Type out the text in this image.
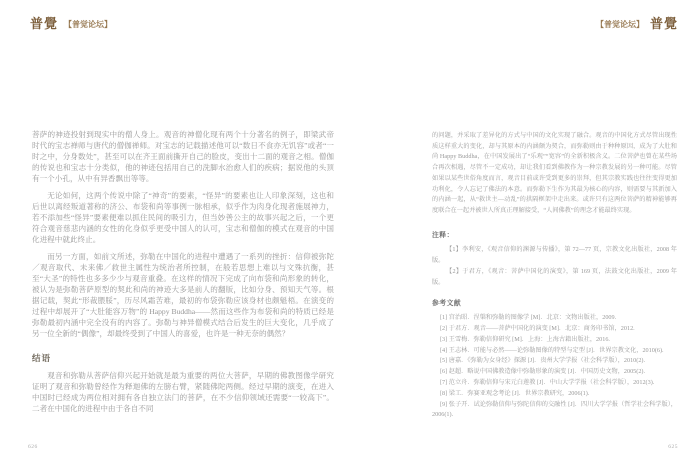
普覺 【普觉论坛】

菩萨的神迹投射到现实中的僧人身上。观音的神僧化现有两个十分著名的例子，即梁武帝时代的宝志禅师与唐代的僧伽禅师。对宝志的记载描述他可以“数日不食亦无饥容”或者“一时之中，分身数处”，甚至可以在齐王面前撕开自己的脸皮，变出十二面的观音之相。僧伽的传说也和宝志十分类似，他的神迹包括用自己的洗脚水治愈人们的疾病；据说他的头顶有一个小孔，从中有异香飘出等等。

无论如何，这两个传说中除了“神奇”的要素，“怪异”的要素也让人印象深刻，这也和后世以离经叛道著称的济公、布袋和尚等事例一脉相承，似乎作为肉身化现者施展神力，若不添加些“怪异”要素便难以抓住民间的吸引力，但当妙善公主的故事兴起之后，一个更符合观音慈悲内涵的女性的化身似乎更受中国人的认可，宝志和僧伽的模式在观音的中国化进程中就此终止。

而另一方面，如前文所述，弥勒在中国化的进程中遭遇了一系列的挫折：信仰被弥陀／观音取代、未来佛／救世主属性为统治者所控制，在般若思想上难以与文殊抗衡，甚至“大圣”的特性也多多少少与观音重叠。在这样的情况下完成了向布袋和尚形象的转化，被认为是弥勒菩萨原型的契此和尚的神迹大多是前人的翻版，比如分身、预知天气等。根据记载，契此“形裁腲脮”，历尽风霜苦难，最初的布袋弥勒应该身材也颇魁梧。在演变的过程中却展开了“大肚能容万物”的 Happy Buddha——然而这些作为布袋和尚的特质已经是弥勒最初内涵中完全没有的内容了。弥勒与神异僧模式结合后发生的巨大变化，几乎成了另一位全新的“偶像”，却最终受到了中国人的喜爱，也许是一种无奈的偶然？

结语

观音和弥勒从菩萨信仰兴起开始就是最为重要的两位大菩萨，早期的佛教图像学研究证明了观音和弥勒曾经作为释迦佛的左膀右臂，紧随佛陀两侧。经过早期的演变，在进入中国时已经成为两位相对拥有各自独立法门的菩萨，在不少信仰领域还需要“一较高下”。二者在中国化的进程中由于各自不同

626
【普觉论坛】 普覺

的问题，并采取了差异化的方式与中国的文化实现了融合。观音的中国化方式尽管出现性质这样重大的变化，却与其原本的内涵颇为契合，而弥勒则由于种种原因，成为了大肚和尚 Happy Buddha，在中国发展出了“乐观”“宽容”的全新积极含义。二位菩萨也曾在某些场合再次相遇，尽管不一定成功，却让我们看到佛教作为一种宗教发展的另一种可能。尽管如果以某些世俗角度而言，观音目前或许受到更多的崇拜，但其宗教实践也往往变得更加功利化，令人忘记了佛法的本意。而弥勒下生作为其最为核心的内容，则需要与其新加入的内涵一起，从“救世主—动乱”的拱隔框架中走出来。或许只有这两位菩萨的精神能够再度联合在一起并被世人所真正理解接受，“人间佛教”的理念才能最终实现。

注释：
【1】李利安，《观音信仰的渊源与传播》，第 72—77 页，宗教文化出版社，2008 年版。
【2】于君方，《观音：菩萨中国化的演变》，第 169 页，法鼓文化出版社，2009 年版。
参考文献
[1] 宫治昭．涅槃和弥勒的图像学 [M]．北京：文物出版社，2009.
[2] 于君方．观音——菩萨中国化的演变 [M]．北京：商务印书馆，2012.
[3] 王雪梅．弥勒信仰研究 [M]．上海：上海古籍出版社，2016.
[4] 王志林．可能与必然——论弥勒图像的特型与定型 [J]．世界宗教文化，2010(6).
[5] 唐嘉．《弥勒为女身经》探源 [J]．贵州大学学报（社会科学版），2010(2).
[6] 赵超．略说中国佛教造像中弥勒形象的演变 [J]．中国历史文物，2005(2).
[7] 范立舟．弥勒信仰与宋元白莲教 [J]．中山大学学报（社会科学版），2012(3).
[8] 梁工．弥赛亚观念考论 [J]．世界宗教研究，2006(1).
[9] 张子开．试论弥勒信仰与弥陀信仰的交融性 [J]．四川大学学报（哲学社会科学版），2006(1).
625
